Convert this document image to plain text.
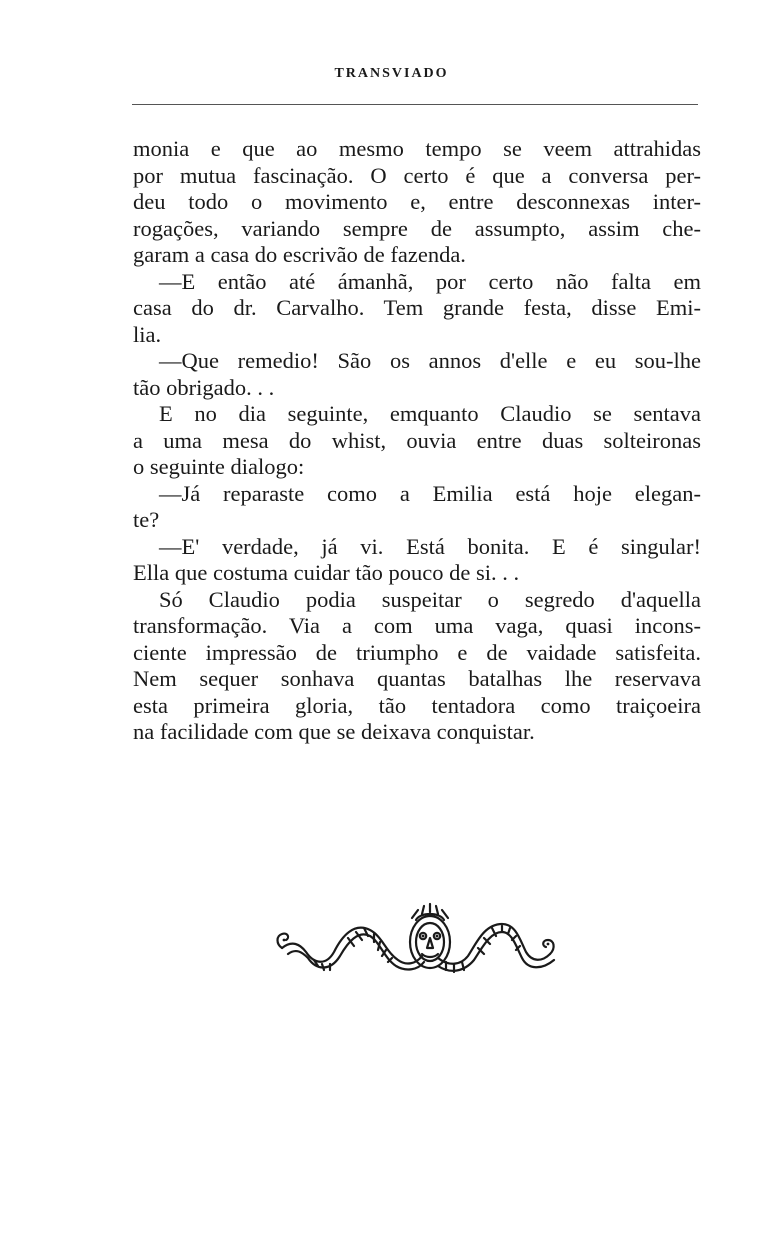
TRANSVIADO
monia e que ao mesmo tempo se veem attrahidas
por mutua fascinação. O certo é que a conversa per-
deu todo o movimento e, entre desconnexas inter-
rogações, variando sempre de assumpto, assim che-
garam a casa do escrivão de fazenda.
—E então até ámanhã, por certo não falta em
casa do dr. Carvalho. Tem grande festa, disse Emi-
lia.
—Que remedio! São os annos d'elle e eu sou-lhe
tão obrigado. . .
E no dia seguinte, emquanto Claudio se sentava
a uma mesa do whist, ouvia entre duas solteironas
o seguinte dialogo:
—Já reparaste como a Emilia está hoje elegan-
te?
—E' verdade, já vi. Está bonita. E é singular!
Ella que costuma cuidar tão pouco de si. . .
Só Claudio podia suspeitar o segredo d'aquella
transformação. Via a com uma vaga, quasi incons-
ciente impressão de triumpho e de vaidade satisfeita.
Nem sequer sonhava quantas batalhas lhe reservava
esta primeira gloria, tão tentadora como traiçoeira
na facilidade com que se deixava conquistar.
